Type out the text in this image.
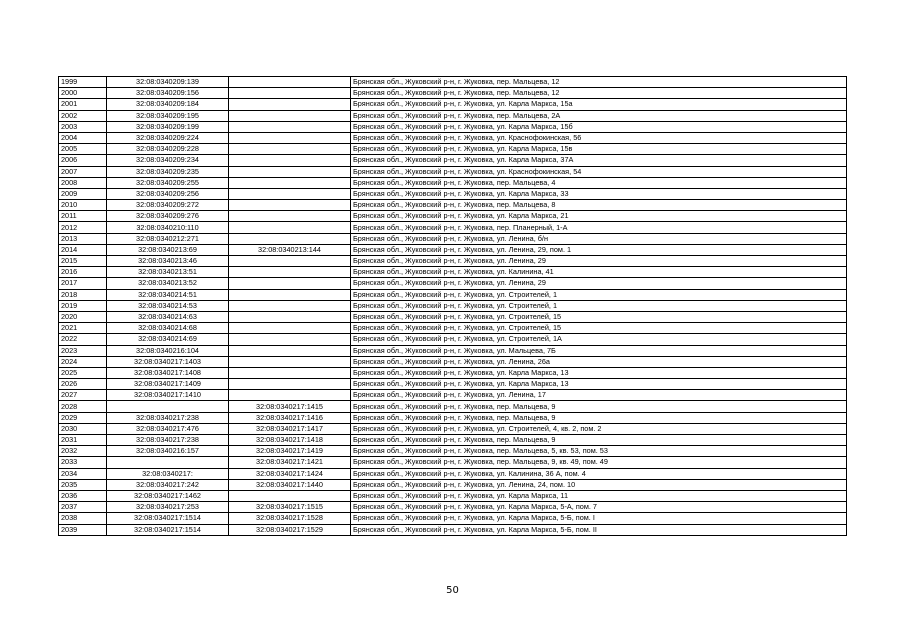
1999	32:08:0340209:139		Брянская обл., Жуковский р-н, г. Жуковка, пер. Мальцева, 12
2000	32:08:0340209:156		Брянская обл., Жуковский р-н, г. Жуковка, пер. Мальцева, 12
2001	32:08:0340209:184		Брянская обл., Жуковский р-н, г. Жуковка, ул. Карла Маркса, 15а
2002	32:08:0340209:195		Брянская обл., Жуковский р-н, г. Жуковка, пер. Мальцева, 2А
2003	32:08:0340209:199		Брянская обл., Жуковский р-н, г. Жуковка, ул. Карла Маркса, 15б
2004	32:08:0340209:224		Брянская обл., Жуковский р-н, г. Жуковка, ул. Краснофокинская, 56
2005	32:08:0340209:228		Брянская обл., Жуковский р-н, г. Жуковка, ул. Карла Маркса, 15в
2006	32:08:0340209:234		Брянская обл., Жуковский р-н, г. Жуковка, ул. Карла Маркса, 37А
2007	32:08:0340209:235		Брянская обл., Жуковский р-н, г. Жуковка, ул. Краснофокинская, 54
2008	32:08:0340209:255		Брянская обл., Жуковский р-н, г. Жуковка, пер. Мальцева, 4
2009	32:08:0340209:256		Брянская обл., Жуковский р-н, г. Жуковка, ул. Карла Маркса, 33
2010	32:08:0340209:272		Брянская обл., Жуковский р-н, г. Жуковка, пер. Мальцева, 8
2011	32:08:0340209:276		Брянская обл., Жуковский р-н, г. Жуковка, ул. Карла Маркса, 21
2012	32:08:0340210:110		Брянская обл., Жуковский р-н, г. Жуковка, пер. Планерный, 1-А
2013	32:08:0340212:271		Брянская обл., Жуковский р-н, г. Жуковка, ул. Ленина, б/н
2014	32:08:0340213:69	32:08:0340213:144	Брянская обл., Жуковский р-н, г. Жуковка, ул. Ленина, 29, пом. 1
2015	32:08:0340213:46		Брянская обл., Жуковский р-н, г. Жуковка, ул. Ленина, 29
2016	32:08:0340213:51		Брянская обл., Жуковский р-н, г. Жуковка, ул. Калинина, 41
2017	32:08:0340213:52		Брянская обл., Жуковский р-н, г. Жуковка, ул. Ленина, 29
2018	32:08:0340214:51		Брянская обл., Жуковский р-н, г. Жуковка, ул. Строителей, 1
2019	32:08:0340214:53		Брянская обл., Жуковский р-н, г. Жуковка, ул. Строителей, 1
2020	32:08:0340214:63		Брянская обл., Жуковский р-н, г. Жуковка, ул. Строителей, 15
2021	32:08:0340214:68		Брянская обл., Жуковский р-н, г. Жуковка, ул. Строителей, 15
2022	32:08:0340214:69		Брянская обл., Жуковский р-н, г. Жуковка, ул. Строителей, 1А
2023	32:08:0340216:104		Брянская обл., Жуковский р-н, г. Жуковка, ул. Мальцева, 7Б
2024	32:08:0340217:1403		Брянская обл., Жуковский р-н, г. Жуковка, ул. Ленина, 26а
2025	32:08:0340217:1408		Брянская обл., Жуковский р-н, г. Жуковка, ул. Карла Маркса, 13
2026	32:08:0340217:1409		Брянская обл., Жуковский р-н, г. Жуковка, ул. Карла Маркса, 13
2027	32:08:0340217:1410		Брянская обл., Жуковский р-н, г. Жуковка, ул. Ленина, 17
2028		32:08:0340217:1415	Брянская обл., Жуковский р-н, г. Жуковка, пер. Мальцева, 9
2029	32:08:0340217:238	32:08:0340217:1416	Брянская обл., Жуковский р-н, г. Жуковка, пер. Мальцева, 9
2030	32:08:0340217:476	32:08:0340217:1417	Брянская обл., Жуковский р-н, г. Жуковка, ул. Строителей, 4, кв. 2, пом. 2
2031	32:08:0340217:238	32:08:0340217:1418	Брянская обл., Жуковский р-н, г. Жуковка, пер. Мальцева, 9
2032	32:08:0340216:157	32:08:0340217:1419	Брянская обл., Жуковский р-н, г. Жуковка, пер. Мальцева, 5, кв. 53, пом. 53
2033		32:08:0340217:1421	Брянская обл., Жуковский р-н, г. Жуковка, пер. Мальцева, 9, кв. 49, пом. 49
2034	32:08:0340217:	32:08:0340217:1424	Брянская обл., Жуковский р-н, г. Жуковка, ул. Калинина, 36 А, пом. 4
2035	32:08:0340217:242	32:08:0340217:1440	Брянская обл., Жуковский р-н, г. Жуковка, ул. Ленина, 24, пом. 10
2036	32:08:0340217:1462		Брянская обл., Жуковский р-н, г. Жуковка, ул. Карла Маркса, 11
2037	32:08:0340217:253	32:08:0340217:1515	Брянская обл., Жуковский р-н, г. Жуковка, ул. Карла Маркса, 5-А, пом. 7
2038	32:08:0340217:1514	32:08:0340217:1528	Брянская обл., Жуковский р-н, г. Жуковка, ул. Карла Маркса, 5-Б, пом. I
2039	32:08:0340217:1514	32:08:0340217:1529	Брянская обл., Жуковский р-н, г. Жуковка, ул. Карла Маркса, 5-Б, пом. II
50
